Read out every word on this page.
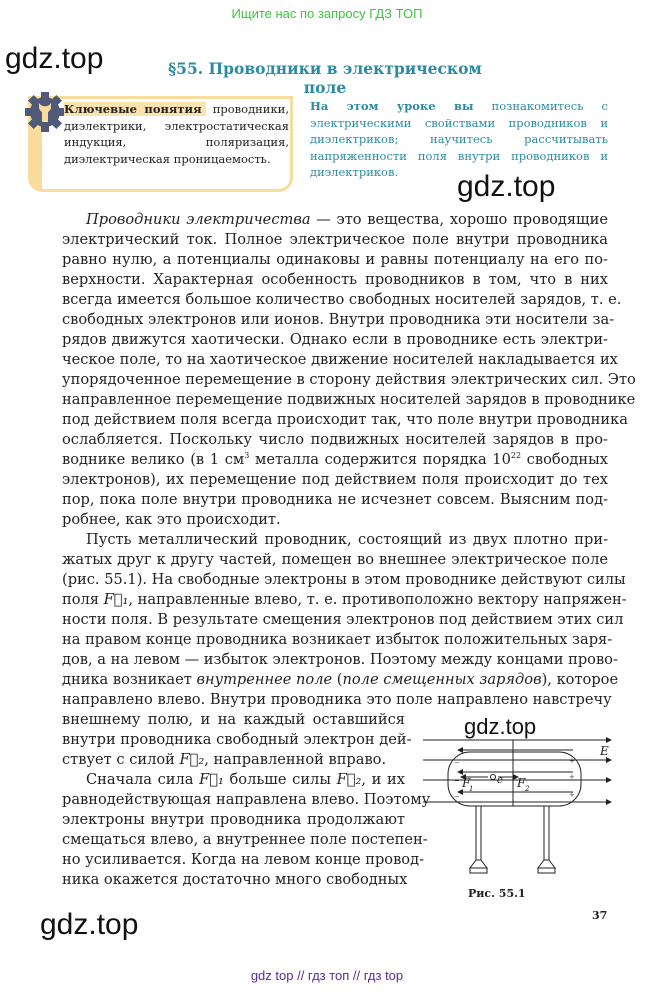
Ищите нас по запросу ГДЗ ТОП
gdz.top	§55. Проводники в электрическом поле
Ключевые понятия проводники, диэлектрики, электростатическая индукция, поляризация, диэлектрическая проницаемость.
На этом уроке вы познакомитесь с электрическими свойствами проводников и диэлектриков; научитесь рассчитывать напряженности поля внутри проводников и диэлектриков.	gdz.top
Проводники электричества — это вещества, хорошо проводящие
электрический ток. Полное электрическое поле внутри проводника
равно нулю, а потенциалы одинаковы и равны потенциалу на его по-
верхности. Характерная особенность проводников в том, что в них
всегда имеется большое количество свободных носителей зарядов, т. е.
свободных электронов или ионов. Внутри проводника эти носители за-
рядов движутся хаотически. Однако если в проводнике есть электри-
ческое поле, то на хаотическое движение носителей накладывается их
упорядоченное перемещение в сторону действия электрических сил. Это
направленное перемещение подвижных носителей зарядов в проводнике
под действием поля всегда происходит так, что поле внутри проводника
ослабляется. Поскольку число подвижных носителей зарядов в про-
воднике велико (в 1 $см^3$ металла содержится порядка $10^{22}$ свободных
электронов), их перемещение под действием поля происходит до тех
пор, пока поле внутри проводника не исчезнет совсем. Выясним под-
робнее, как это происходит.
Пусть металлический проводник, состоящий из двух плотно при-
жатых друг к другу частей, помещен во внешнее электрическое поле
(рис. 55.1). На свободные электроны в этом проводнике действуют силы
поля F⃗₁, направленные влево, т. е. противоположно вектору напряжен-
ности поля. В результате смещения электронов под действием этих сил
на правом конце проводника возникает избыток положительных заря-
дов, а на левом — избыток электронов. Поэтому между концами прово-
дника возникает внутреннее поле (поле смещенных зарядов), которое
направлено влево. Внутри проводника это поле направлено навстречу
внешнему полю, и на каждый оставшийся
внутри проводника свободный электрон дей-
ствует с силой F⃗₂, направленной вправо.
Сначала сила F⃗₁ больше силы F⃗₂, и их
равнодействующая направлена влево. Поэтому
электроны внутри проводника продолжают
смещаться влево, а внутреннее поле постепен-
но усиливается. Когда на левом конце провод-
ника окажется достаточно много свободных
gdz.top
−
−
−
+
+
+
E
F
1
e F 2
Рис. 55.1
37
gdz.top
gdz top // гдз топ // гдз top
